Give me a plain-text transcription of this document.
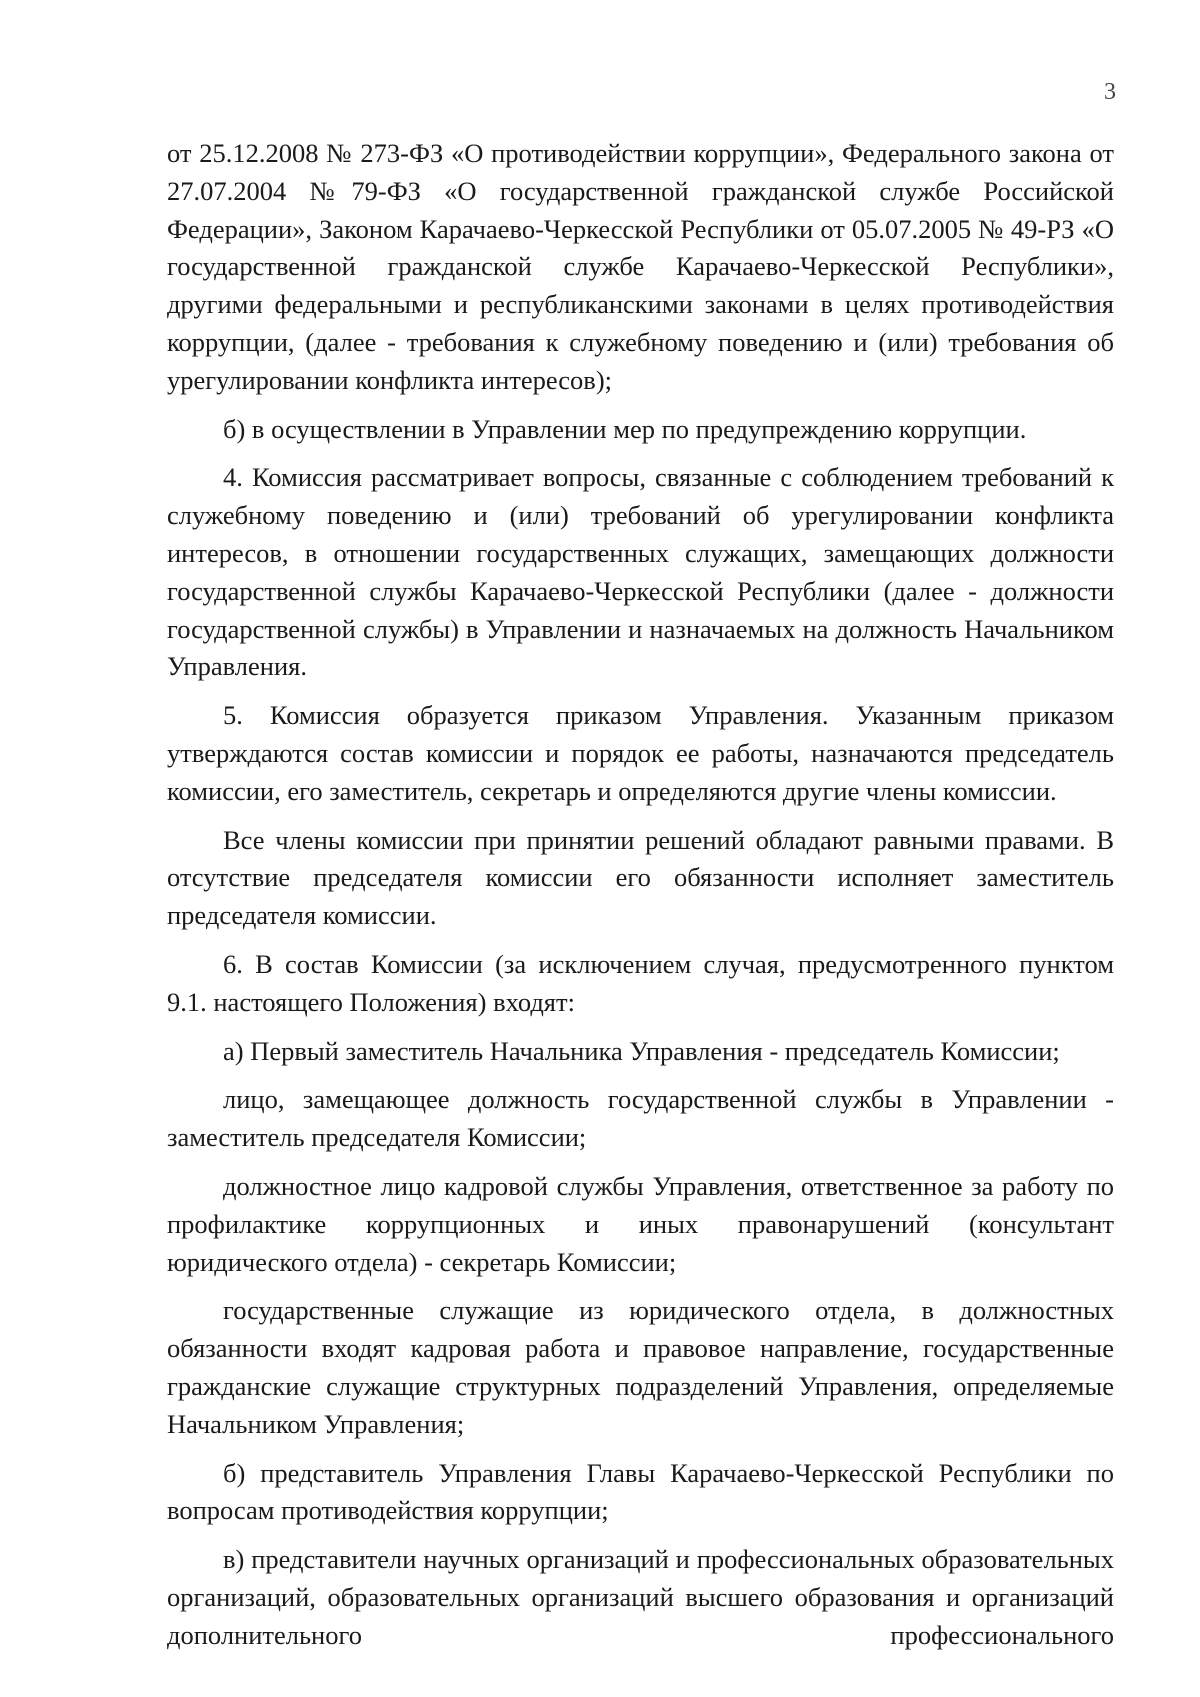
3

от 25.12.2008 № 273-ФЗ «О противодействии коррупции», Федерального закона от 27.07.2004 №79-ФЗ «О государственной гражданской службе Российской Федерации», Законом Карачаево-Черкесской Республики от 05.07.2005 № 49-РЗ «О государственной гражданской службе Карачаево-Черкесской Республики», другими федеральными и республиканскими законами в целях противодействия коррупции, (далее - требования к служебному поведению и (или) требования об урегулировании конфликта интересов);

б) в осуществлении в Управлении мер по предупреждению коррупции.

4. Комиссия рассматривает вопросы, связанные с соблюдением требований к служебному поведению и (или) требований об урегулировании конфликта интересов, в отношении государственных служащих, замещающих должности государственной службы Карачаево-Черкесской Республики (далее - должности государственной службы) в Управлении и назначаемых на должность Начальником Управления.

5. Комиссия образуется приказом Управления. Указанным приказом утверждаются состав комиссии и порядок ее работы, назначаются председатель комиссии, его заместитель, секретарь и определяются другие члены комиссии.

Все члены комиссии при принятии решений обладают равными правами. В отсутствие председателя комиссии его обязанности исполняет заместитель председателя комиссии.

6. В состав Комиссии (за исключением случая, предусмотренного пунктом 9.1. настоящего Положения) входят:

а) Первый заместитель Начальника Управления - председатель Комиссии;

лицо, замещающее должность государственной службы в Управлении - заместитель председателя Комиссии;

должностное лицо кадровой службы Управления, ответственное за работу по профилактике коррупционных и иных правонарушений (консультант юридического отдела) - секретарь Комиссии;

государственные служащие из юридического отдела, в должностных обязанности входят кадровая работа и правовое направление, государственные гражданские служащие структурных подразделений Управления, определяемые Начальником Управления;

б) представитель Управления Главы Карачаево-Черкесской Республики по вопросам противодействия коррупции;

в) представители научных организаций и профессиональных образовательных организаций, образовательных организаций высшего образования и организаций дополнительного профессионального
